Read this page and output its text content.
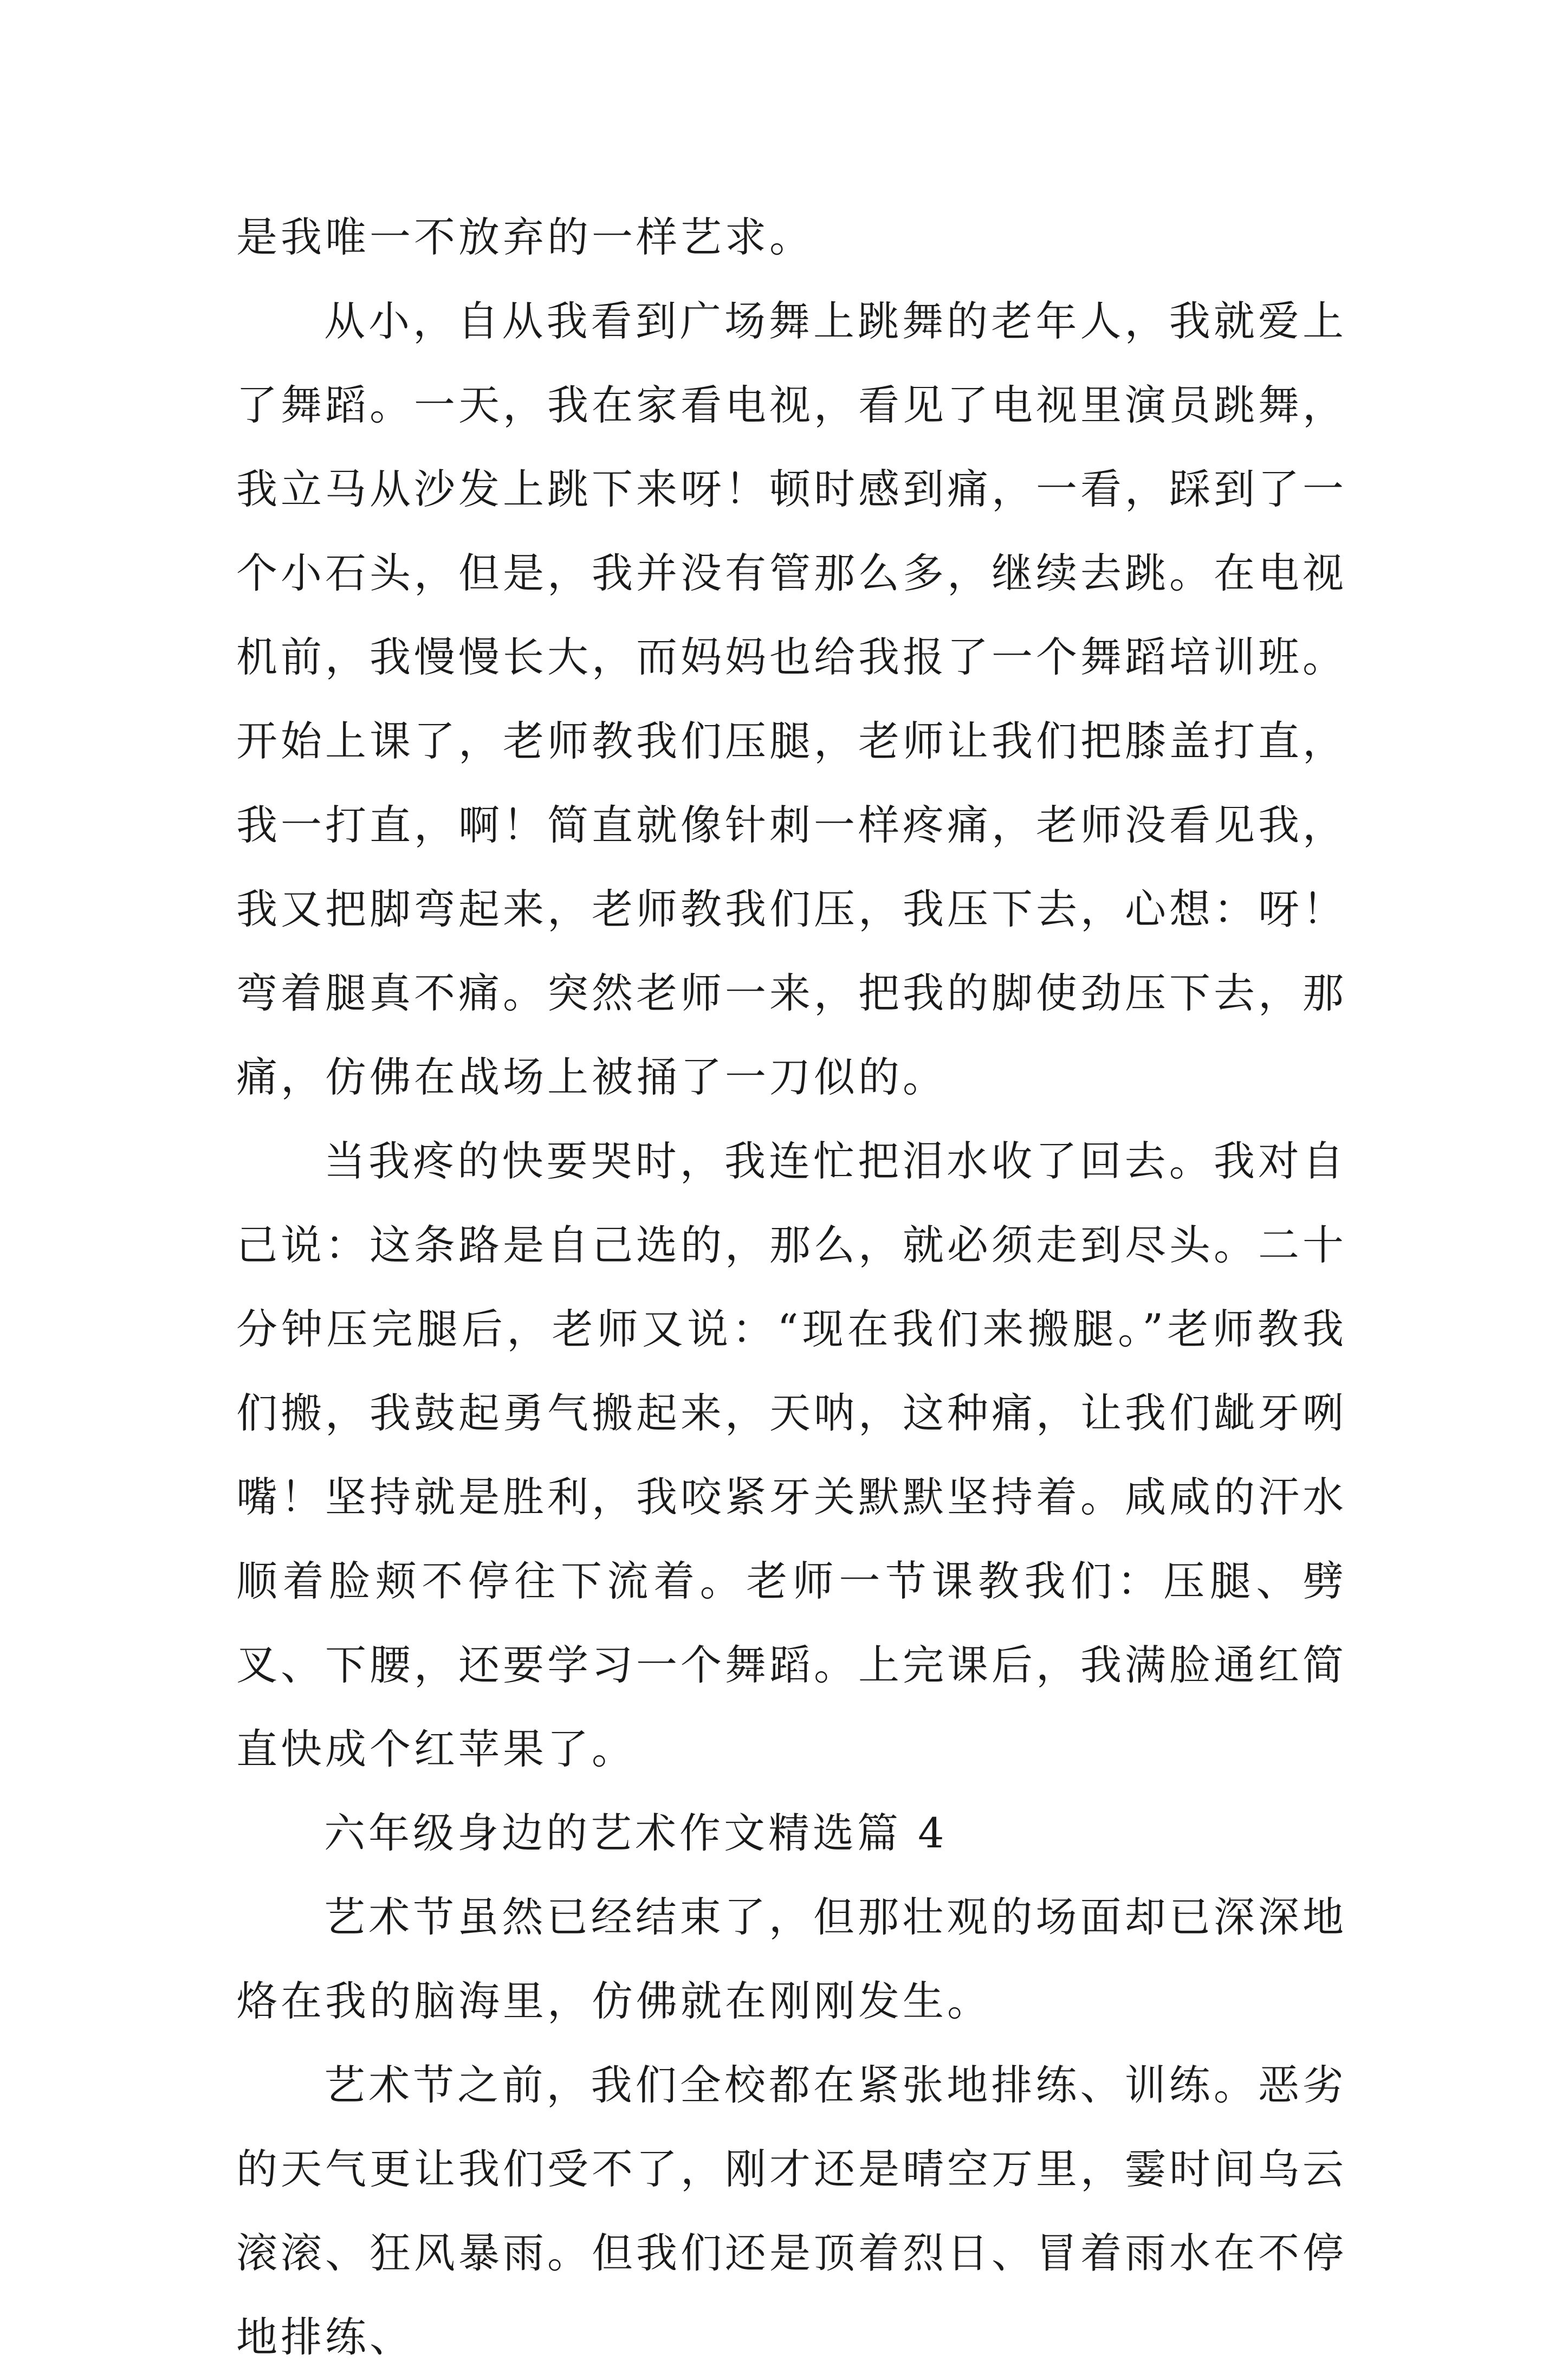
是我唯一不放弃的一样艺求。

从小，自从我看到广场舞上跳舞的老年人，我就爱上了舞蹈。一天，我在家看电视，看见了电视里演员跳舞，我立马从沙发上跳下来呀！顿时感到痛，一看，踩到了一个小石头，但是，我并没有管那么多，继续去跳。在电视机前，我慢慢长大，而妈妈也给我报了一个舞蹈培训班。开始上课了，老师教我们压腿，老师让我们把膝盖打直，我一打直，啊！简直就像针刺一样疼痛，老师没看见我，我又把脚弯起来，老师教我们压，我压下去，心想：呀！弯着腿真不痛。突然老师一来，把我的脚使劲压下去，那痛，仿佛在战场上被捅了一刀似的。

当我疼的快要哭时，我连忙把泪水收了回去。我对自己说：这条路是自己选的，那么，就必须走到尽头。二十分钟压完腿后，老师又说：“现在我们来搬腿。”老师教我们搬，我鼓起勇气搬起来，天呐，这种痛，让我们龇牙咧嘴！坚持就是胜利，我咬紧牙关默默坚持着。咸咸的汗水顺着脸颊不停往下流着。老师一节课教我们：压腿、劈叉、下腰，还要学习一个舞蹈。上完课后，我满脸通红简直快成个红苹果了。

六年级身边的艺术作文精选篇 4

艺术节虽然已经结束了，但那壮观的场面却已深深地烙在我的脑海里，仿佛就在刚刚发生。

艺术节之前，我们全校都在紧张地排练、训练。恶劣的天气更让我们受不了，刚才还是晴空万里，霎时间乌云滚滚、狂风暴雨。但我们还是顶着烈日、冒着雨水在不停地排练、
